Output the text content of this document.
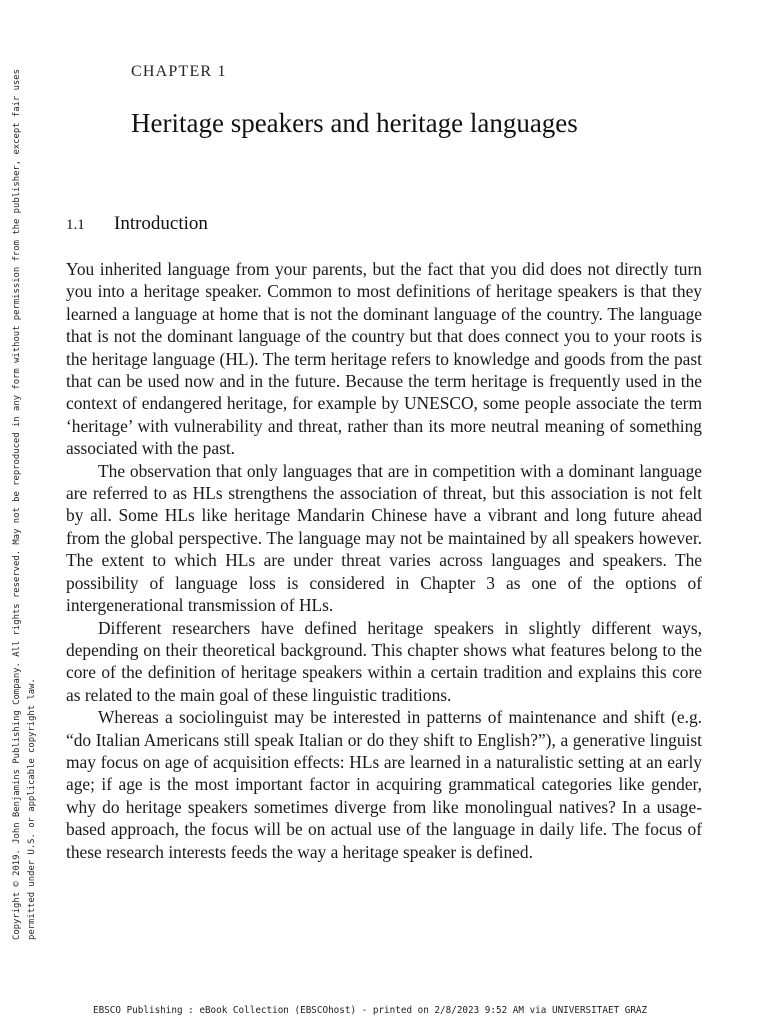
CHAPTER 1
Heritage speakers and heritage languages
1.1	Introduction

You inherited language from your parents, but the fact that you did does not directly turn you into a heritage speaker. Common to most definitions of heritage speakers is that they learned a language at home that is not the dominant language of the country. The language that is not the dominant language of the country but that does connect you to your roots is the heritage language (HL). The term heritage refers to knowledge and goods from the past that can be used now and in the future. Because the term heritage is frequently used in the context of endangered heritage, for example by UNESCO, some people associate the term ‘heritage’ with vulnerability and threat, rather than its more neutral meaning of something associated with the past.

The observation that only languages that are in competition with a dominant language are referred to as HLs strengthens the association of threat, but this association is not felt by all. Some HLs like heritage Mandarin Chinese have a vibrant and long future ahead from the global perspective. The language may not be maintained by all speakers however. The extent to which HLs are under threat varies across languages and speakers. The possibility of language loss is considered in Chapter 3 as one of the options of intergenerational transmission of HLs.

Different researchers have defined heritage speakers in slightly different ways, depending on their theoretical background. This chapter shows what features belong to the core of the definition of heritage speakers within a certain tradition and explains this core as related to the main goal of these linguistic traditions.

Whereas a sociolinguist may be interested in patterns of maintenance and shift (e.g. “do Italian Americans still speak Italian or do they shift to English?”), a generative linguist may focus on age of acquisition effects: HLs are learned in a naturalistic setting at an early age; if age is the most important factor in acquiring grammatical categories like gender, why do heritage speakers sometimes diverge from like monolingual natives? In a usage-based approach, the focus will be on actual use of the language in daily life. The focus of these research interests feeds the way a heritage speaker is defined.

Copyright © 2019. John Benjamins Publishing Company. All rights reserved. May not be reproduced in any form without permission from the publisher, except fair uses permitted under U.S. or applicable copyright law.
EBSCO Publishing : eBook Collection (EBSCOhost) - printed on 2/8/2023 9:52 AM via UNIVERSITAET GRAZ
